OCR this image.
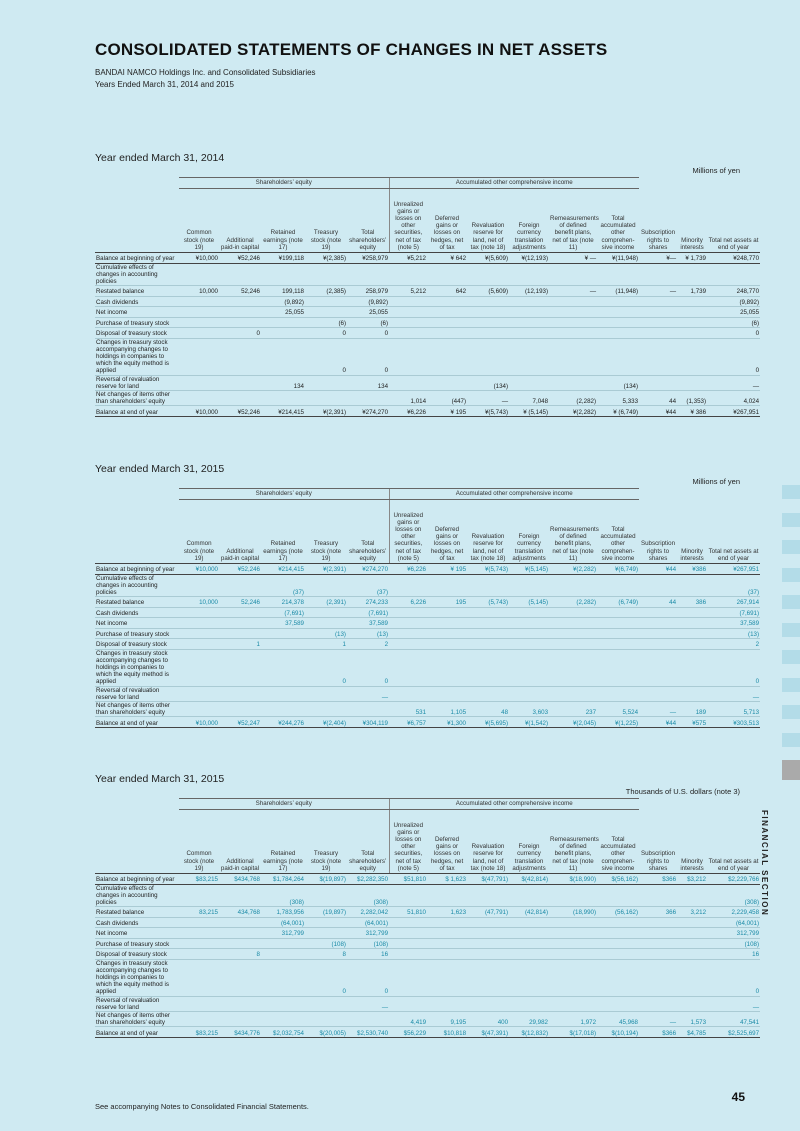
CONSOLIDATED STATEMENTS OF CHANGES IN NET ASSETS
BANDAI NAMCO Holdings Inc. and Consolidated Subsidiaries
Years Ended March 31, 2014 and 2015
Year ended March 31, 2014
Millions of yen
	Shareholders’ equity					Accumulated other comprehensive income								
	Common stock (note 19)	Additional paid-in capital	Retained earnings (note 17)	Treasury stock (note 19)	Total shareholders’ equity	Unrealized gains or losses on other securities, net of tax (note 5)	Deferred gains or losses on hedges, net of tax	Revaluation reserve for land, net of tax (note 18)	Foreign currency translation adjustments	Remeasurements of defined benefit plans, net of tax (note 11)	Total accumulated other comprehen-sive income	Subscription rights to shares	Minority interests	Total net assets at end of year
Balance at beginning of year	¥10,000	¥52,246	¥199,118	¥(2,385)	¥258,979	¥5,212	¥ 642	¥(5,609)	¥(12,193)	¥ —	¥(11,948)	¥—	¥ 1,739	¥248,770
Cumulative effects of changes in accounting policies														
Restated balance	10,000	52,246	199,118	(2,385)	258,979	5,212	642	(5,609)	(12,193)	—	(11,948)	—	1,739	248,770
Cash dividends			(9,892)		(9,892)									(9,892)
Net income			25,055		25,055									25,055
Purchase of treasury stock				(6)	(6)									(6)
Disposal of treasury stock		0		0	0									0
Changes in treasury stock accompanying changes to holdings in companies to which the equity method is applied				0	0									0
Reversal of revaluation reserve for land			134		134			(134)			(134)			—
Net changes of items other than shareholders’ equity						1,014	(447)	—	7,048	(2,282)	5,333	44	(1,353)	4,024
Balance at end of year	¥10,000	¥52,246	¥214,415	¥(2,391)	¥274,270	¥6,226	¥ 195	¥(5,743)	¥ (5,145)	¥(2,282)	¥ (6,749)	¥44	¥ 386	¥267,951
Year ended March 31, 2015
Millions of yen
	Shareholders’ equity					Accumulated other comprehensive income								
	Common stock (note 19)	Additional paid-in capital	Retained earnings (note 17)	Treasury stock (note 19)	Total shareholders’ equity	Unrealized gains or losses on other securities, net of tax (note 5)	Deferred gains or losses on hedges, net of tax	Revaluation reserve for land, net of tax (note 18)	Foreign currency translation adjustments	Remeasurements of defined benefit plans, net of tax (note 11)	Total accumulated other comprehen-sive income	Subscription rights to shares	Minority interests	Total net assets at end of year
Balance at beginning of year	¥10,000	¥52,246	¥214,415	¥(2,391)	¥274,270	¥6,226	¥ 195	¥(5,743)	¥(5,145)	¥(2,282)	¥(6,749)	¥44	¥386	¥267,951
Cumulative effects of changes in accounting policies			(37)		(37)									(37)
Restated balance	10,000	52,246	214,378	(2,391)	274,233	6,226	195	(5,743)	(5,145)	(2,282)	(6,749)	44	386	267,914
Cash dividends			(7,691)		(7,691)									(7,691)
Net income			37,589		37,589									37,589
Purchase of treasury stock				(13)	(13)									(13)
Disposal of treasury stock		1		1	2									2
Changes in treasury stock accompanying changes to holdings in companies to which the equity method is applied				0	0									0
Reversal of revaluation reserve for land					—									—
Net changes of items other than shareholders’ equity						531	1,105	48	3,603	237	5,524	—	189	5,713
Balance at end of year	¥10,000	¥52,247	¥244,276	¥(2,404)	¥304,119	¥6,757	¥1,300	¥(5,695)	¥(1,542)	¥(2,045)	¥(1,225)	¥44	¥575	¥303,513
Year ended March 31, 2015
Thousands of U.S. dollars (note 3)
	Shareholders’ equity					Accumulated other comprehensive income								
	Common stock (note 19)	Additional paid-in capital	Retained earnings (note 17)	Treasury stock (note 19)	Total shareholders’ equity	Unrealized gains or losses on other securities, net of tax (note 5)	Deferred gains or losses on hedges, net of tax	Revaluation reserve for land, net of tax (note 18)	Foreign currency translation adjustments	Remeasurements of defined benefit plans, net of tax (note 11)	Total accumulated other comprehen-sive income	Subscription rights to shares	Minority interests	Total net assets at end of year
Balance at beginning of year	$83,215	$434,768	$1,784,264	$(19,897)	$2,282,350	$51,810	$ 1,623	$(47,791)	$(42,814)	$(18,990)	$(56,162)	$366	$3,212	$2,229,766
Cumulative effects of changes in accounting policies			(308)		(308)									(308)
Restated balance	83,215	434,768	1,783,956	(19,897)	2,282,042	51,810	1,623	(47,791)	(42,814)	(18,990)	(56,162)	366	3,212	2,229,458
Cash dividends			(64,001)		(64,001)									(64,001)
Net income			312,799		312,799									312,799
Purchase of treasury stock				(108)	(108)									(108)
Disposal of treasury stock		8		8	16									16
Changes in treasury stock accompanying changes to holdings in companies to which the equity method is applied				0	0									0
Reversal of revaluation reserve for land					—									—
Net changes of items other than shareholders’ equity						4,419	9,195	400	29,982	1,972	45,968	—	1,573	47,541
Balance at end of year	$83,215	$434,776	$2,032,754	$(20,005)	$2,530,740	$56,229	$10,818	$(47,391)	$(12,832)	$(17,018)	$(10,194)	$366	$4,785	$2,525,697
See accompanying Notes to Consolidated Financial Statements.
45
FINANCIAL SECTION
